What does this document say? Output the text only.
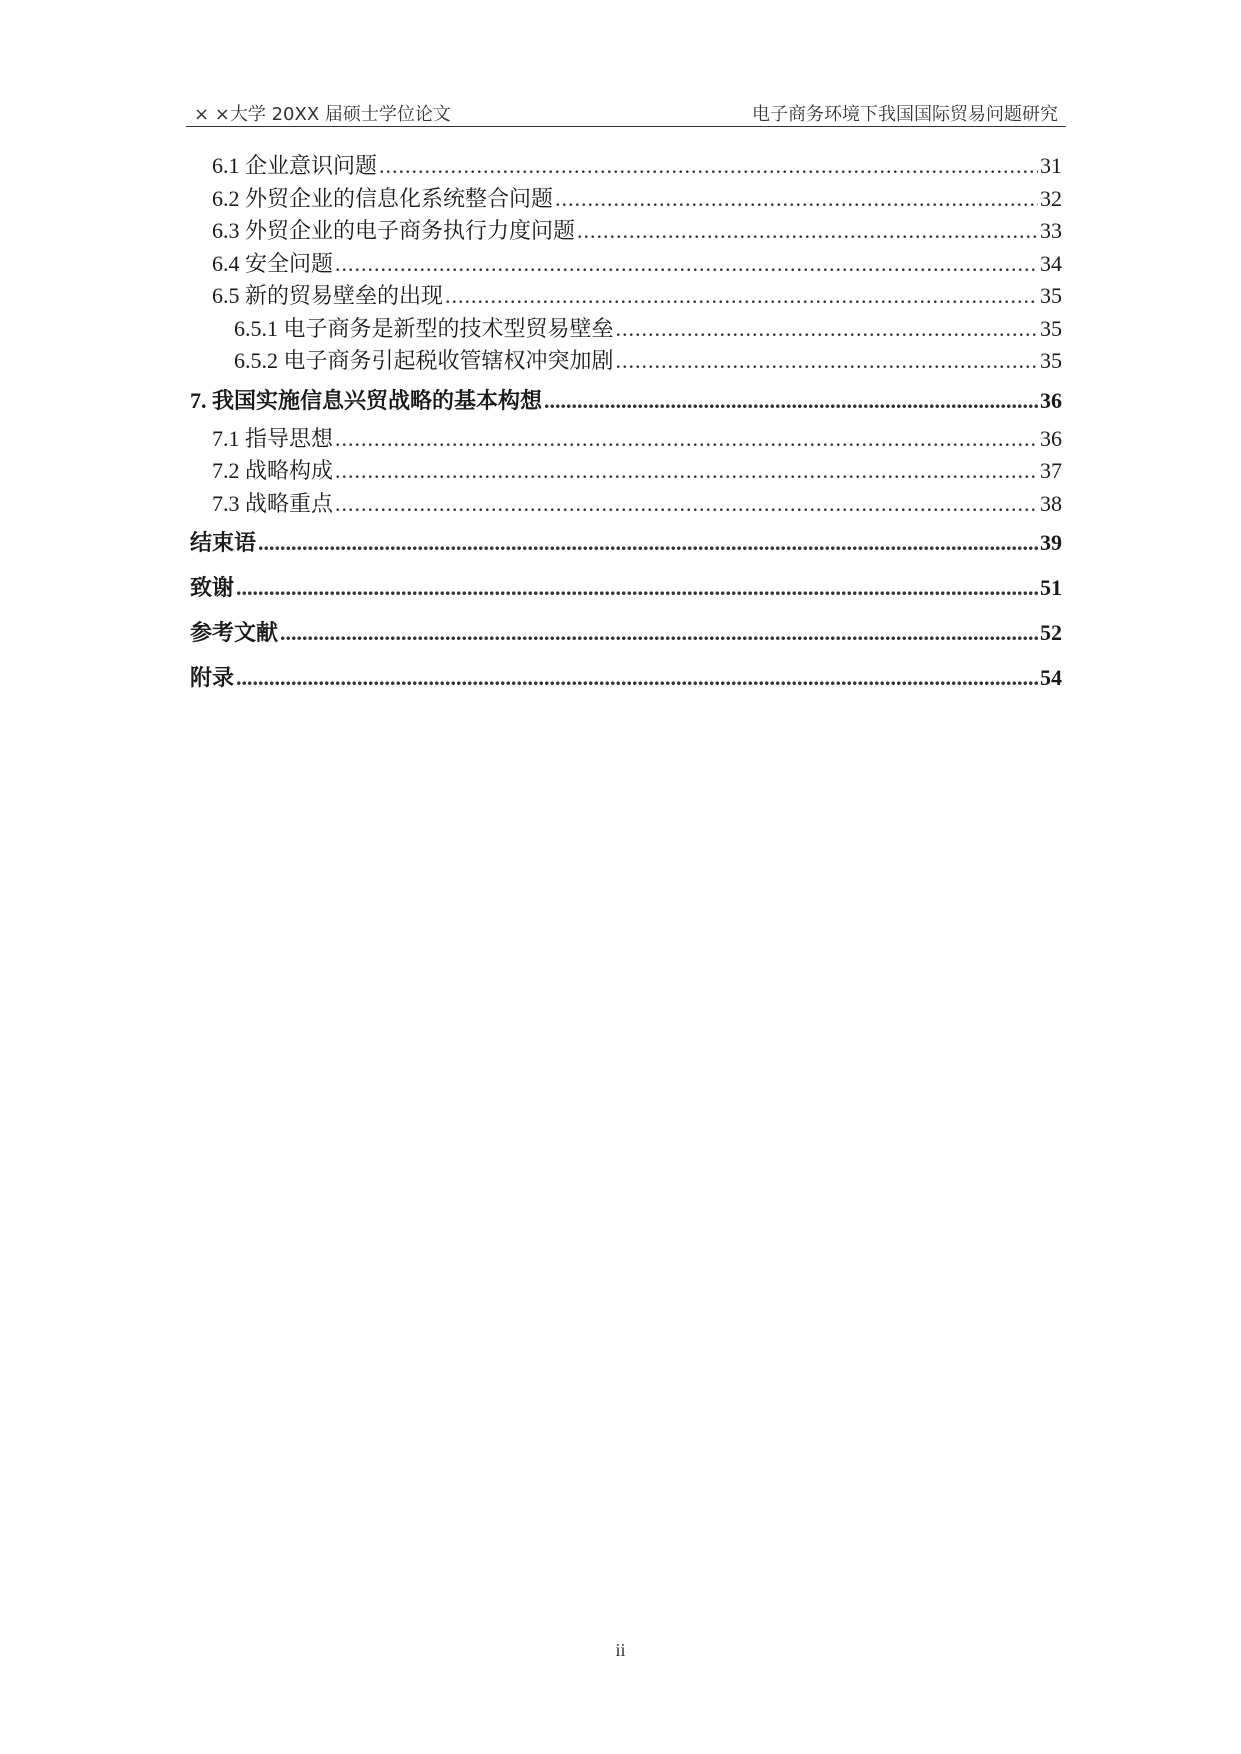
× ×大学 20XX 届硕士学位论文	电子商务环境下我国国际贸易问题研究
6.1 企业意识问题 .....	31
6.2 外贸企业的信息化系统整合问题 .....	32
6.3 外贸企业的电子商务执行力度问题 .....	33
6.4 安全问题 .....	34
6.5 新的贸易壁垒的出现 .....	35
6.5.1 电子商务是新型的技术型贸易壁垒 .....	35
6.5.2 电子商务引起税收管辖权冲突加剧 .....	35
7. 我国实施信息兴贸战略的基本构想 .....	36
7.1 指导思想 .....	36
7.2 战略构成 .....	37
7.3 战略重点 .....	38
结束语 .....	39
致谢 .....	51
参考文献 .....	52
附录 .....	54
ii
